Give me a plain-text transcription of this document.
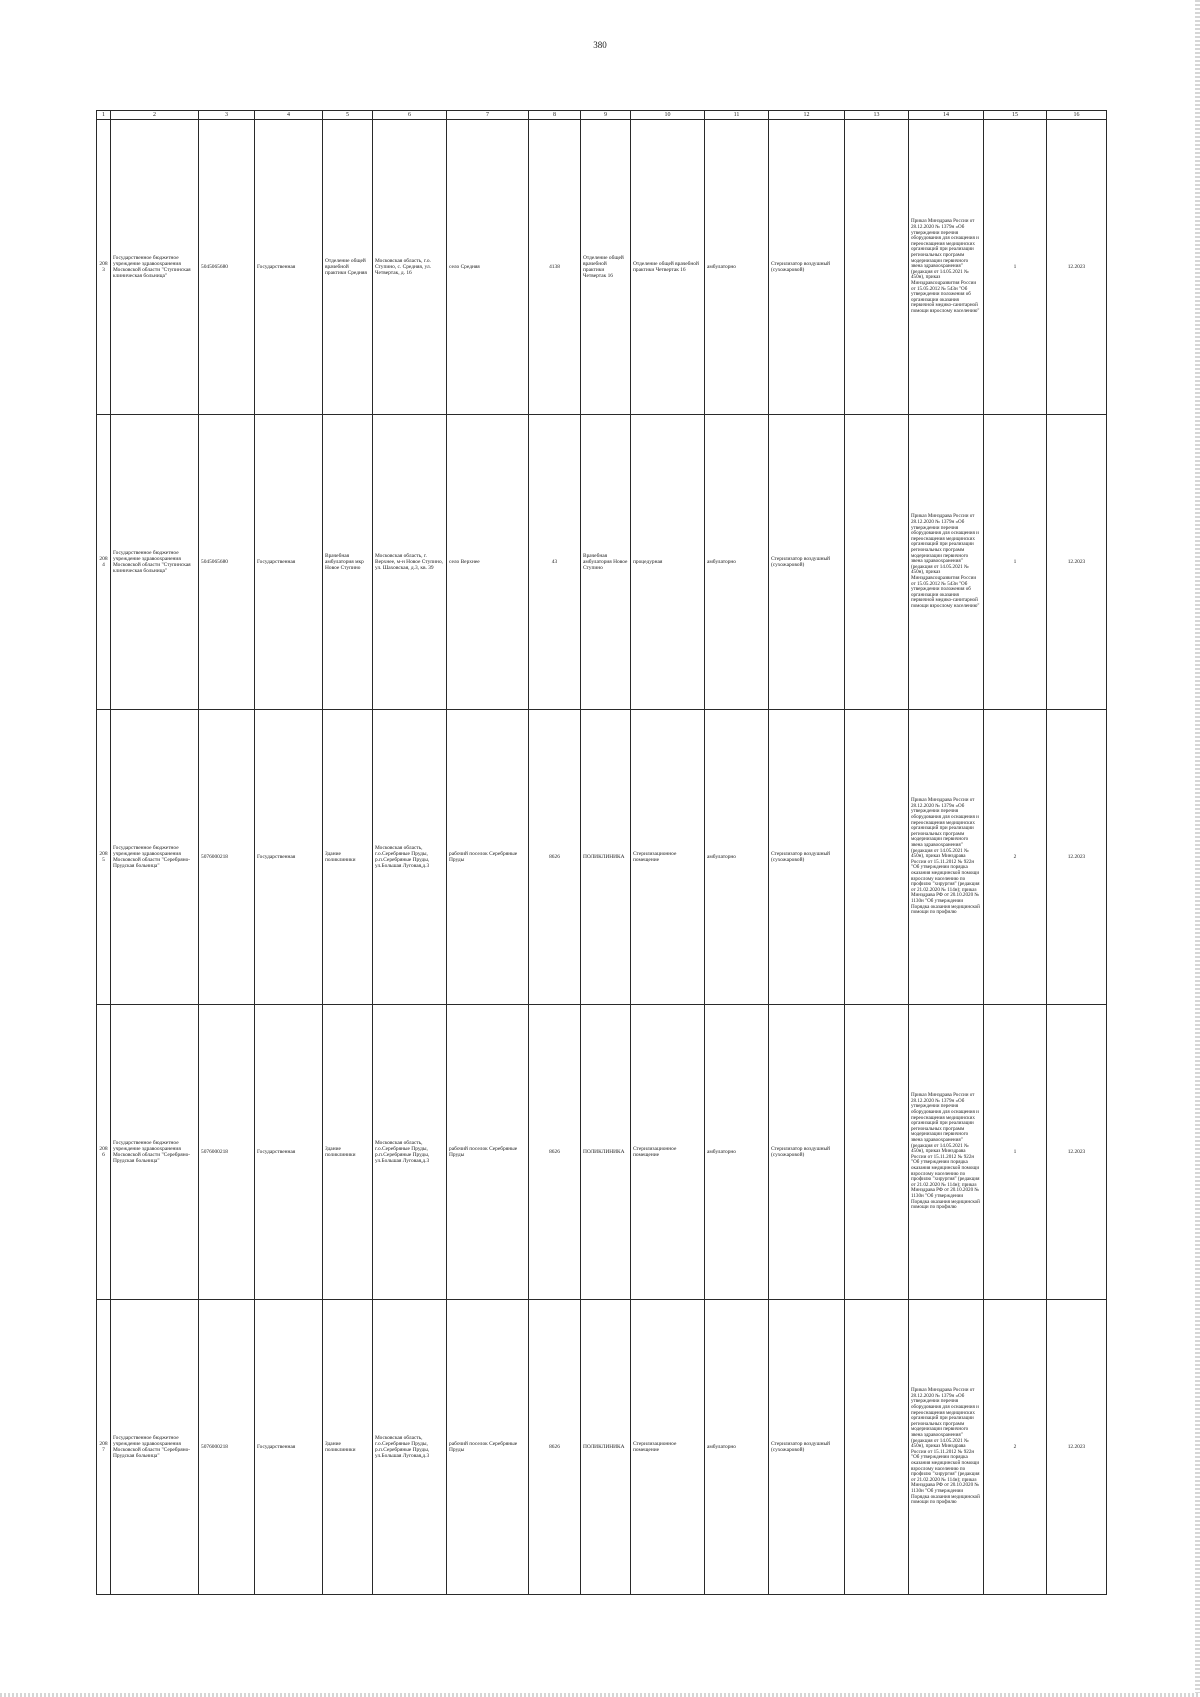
380
1	2	3	4	5	6	7	8	9	10	11	12	13	14	15	16
2083	Государственное бюджетное учреждение здравоохранения Московской области "Ступинская клиническая больница"	5045065680	Государственная	Отделение общей врачебной практики Средняя	Московская область, г.о. Ступино, с. Средняя, ул. Четвертак, д. 16	село Средняя	4138	Отделение общей врачебной практики Четвертак 16	Отделение общей врачебной практики Четвертак 16	амбулаторно	Стерилизатор воздушный (сухожаровой)		Приказ Минздрава России от 28.12.2020 № 1379н «Об утверждении перечня оборудования для оснащения и переоснащения медицинских организаций при реализации региональных программ модернизации первичного звена здравоохранения"(редакция от 14.05.2021 № 450н), приказ Минздравсоцразвития России от 15.05.2012 № 543н "Об утверждении положения об организации оказания первичной медико-санитарной помощи взрослому населению"	1	12.2023
2084	Государственное бюджетное учреждение здравоохранения Московской области "Ступинская клиническая больница"	5045065680	Государственная	Врачебная амбулатория мкр Новое Ступино	Московская область, г. Верхнее, м-н Новое Ступино, ул. Шаховская, д.3, кв. 39	село Верхнее	43	Врачебная амбулатория Новое Ступино	процедурная	амбулаторно	Стерилизатор воздушный (сухожаровой)		Приказ Минздрава России от 28.12.2020 № 1379н «Об утверждении перечня оборудования для оснащения и переоснащения медицинских организаций при реализации региональных программ модернизации первичного звена здравоохранения"(редакция от 14.05.2021 № 450н), приказ Минздравсоцразвития России от 15.05.2012 № 543н "Об утверждении положения об организации оказания первичной медико-санитарной помощи взрослому населению"	1	12.2023
2085	Государственное бюджетное учреждение здравоохранения Московской области "Серебряно-Прудская больница"	5076000218	Государственная	Здание поликлиники	Московская область, г.о.Серебряные Пруды, р.п.Серебряные Пруды, ул.Большая Луговая,д.3	рабочий поселок Серебряные Пруды	8626	ПОЛИКЛИНИКА	Стерилизационное помещение	амбулаторно	Стерилизатор воздушный (сухожаровой)		Приказ Минздрава России от 28.12.2020 № 1379н «Об утверждении перечня оборудования для оснащения и переоснащения медицинских организаций при реализации региональных программ модернизации первичного звена здравоохранения"(редакция от 14.05.2021 № 450н), приказ Минздрава России от 15.11.2012 № 922н "Об утверждении порядка оказания медицинской помощи взрослому населению по профилю "хирургия" (редакция от 21.02.2020 № 114н); приказ Минздрава РФ от 20.10.2020 № 1130н "Об утверждении Порядка оказания медицинской помощи по профилю	2	12.2023
2086	Государственное бюджетное учреждение здравоохранения Московской области "Серебряно-Прудская больница"	5076000218	Государственная	Здание поликлиники	Московская область, г.о.Серебряные Пруды, р.п.Серебряные Пруды, ул.Большая Луговая,д.3	рабочий поселок Серебряные Пруды	8626	ПОЛИКЛИНИКА	Стерилизационное помещение	амбулаторно	Стерилизатор воздушный (сухожаровой)		Приказ Минздрава России от 28.12.2020 № 1379н «Об утверждении перечня оборудования для оснащения и переоснащения медицинских организаций при реализации региональных программ модернизации первичного звена здравоохранения"(редакция от 14.05.2021 № 450н), приказ Минздрава России от 15.11.2012 № 922н "Об утверждении порядка оказания медицинской помощи взрослому населению по профилю "хирургия" (редакция от 21.02.2020 № 114н); приказ Минздрава РФ от 20.10.2020 № 1130н "Об утверждении Порядка оказания медицинской помощи по профилю	1	12.2023
2087	Государственное бюджетное учреждение здравоохранения Московской области "Серебряно-Прудская больница"	5076000218	Государственная	Здание поликлиники	Московская область, г.о.Серебряные Пруды, р.п.Серебряные Пруды, ул.Большая Луговая,д.3	рабочий поселок Серебряные Пруды	8626	ПОЛИКЛИНИКА	Стерилизационное помещение	амбулаторно	Стерилизатор воздушный (сухожаровой)		Приказ Минздрава России от 28.12.2020 № 1379н «Об утверждении перечня оборудования для оснащения и переоснащения медицинских организаций при реализации региональных программ модернизации первичного звена здравоохранения"(редакция от 14.05.2021 № 450н), приказ Минздрава России от 15.11.2012 № 922н "Об утверждении порядка оказания медицинской помощи взрослому населению по профилю "хирургия" (редакция от 21.02.2020 № 114н); приказ Минздрава РФ от 20.10.2020 № 1130н "Об утверждении Порядка оказания медицинской помощи по профилю	2	12.2023
